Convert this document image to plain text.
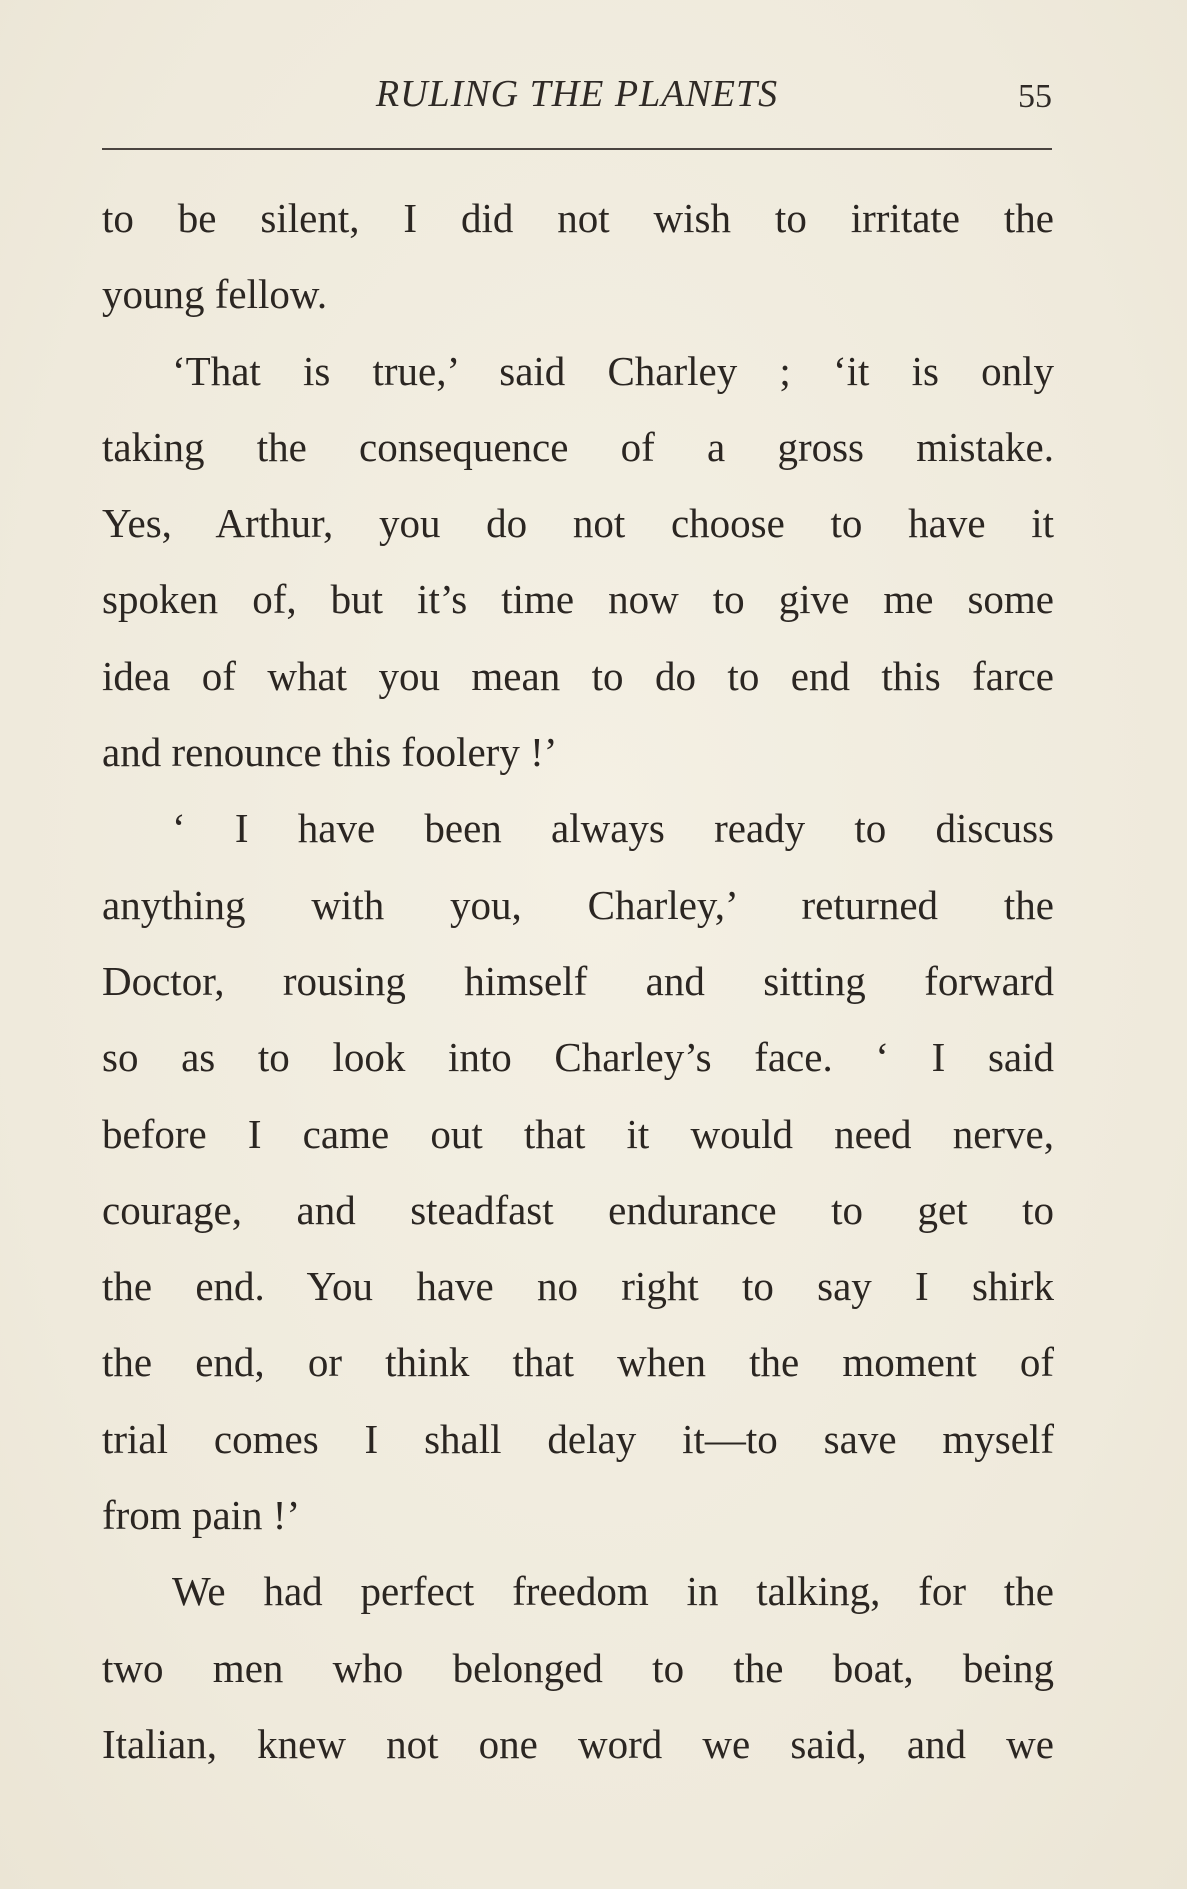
RULING THE PLANETS	55
to be silent, I did not wish to irritate the
young fellow.
‘That is true,’ said Charley ; ‘it is only
taking the consequence of a gross mistake.
Yes, Arthur, you do not choose to have it
spoken of, but it’s time now to give me some
idea of what you mean to do to end this farce
and renounce this foolery !’
‘ I have been always ready to discuss
anything with you, Charley,’ returned the
Doctor, rousing himself and sitting forward
so as to look into Charley’s face. ‘ I said
before I came out that it would need nerve,
courage, and steadfast endurance to get to
the end. You have no right to say I shirk
the end, or think that when the moment of
trial comes I shall delay it—to save myself
from pain !’
We had perfect freedom in talking, for the
two men who belonged to the boat, being
Italian, knew not one word we said, and we
